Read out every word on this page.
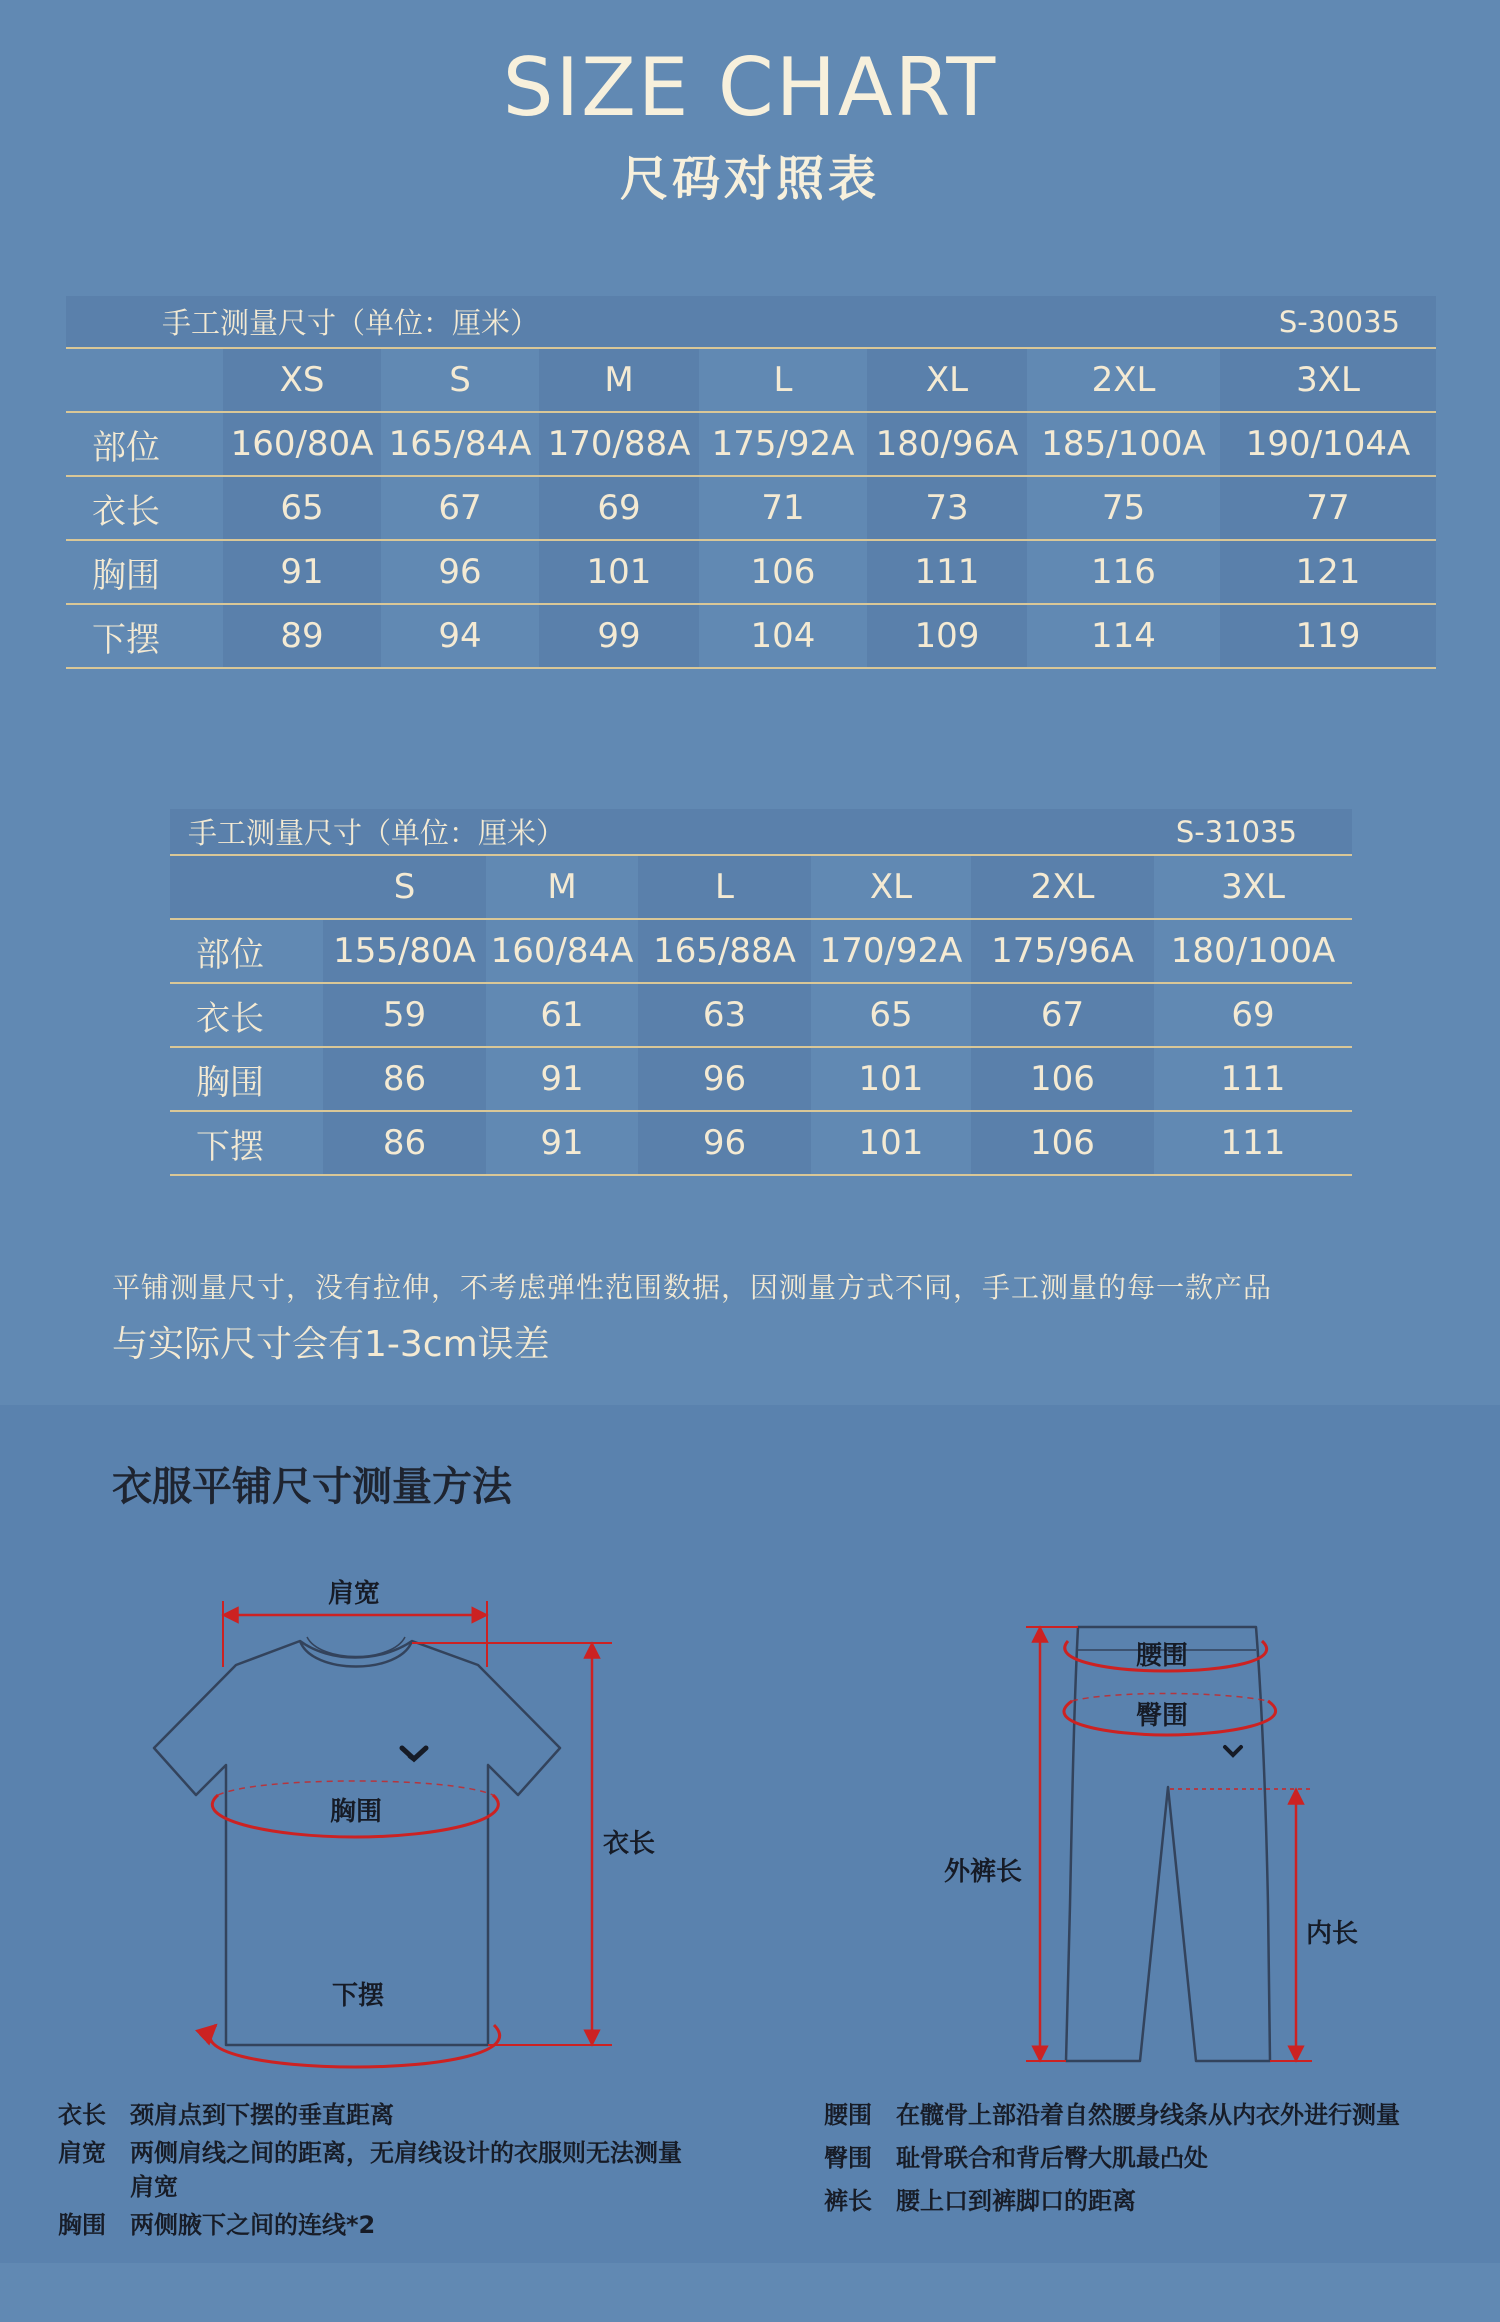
SIZE CHART
尺码对照表
手工测量尺寸（单位：厘米）						S-30035	
	XS	S	M	L	XL	2XL	3XL
部位	160/80A	165/84A	170/88A	175/92A	180/96A	185/100A	190/104A
衣长	65	67	69	71	73	75	77
胸围	91	96	101	106	111	116	121
下摆	89	94	99	104	109	114	119
手工测量尺寸（单位：厘米）					S-31035	
	S	M	L	XL	2XL	3XL
部位	155/80A	160/84A	165/88A	170/92A	175/96A	180/100A
衣长	59	61	63	65	67	69
胸围	86	91	96	101	106	111
下摆	86	91	96	101	106	111
平铺测量尺寸，没有拉伸，不考虑弹性范围数据，因测量方式不同，手工测量的每一款产品
与实际尺寸会有1-3cm误差
衣服平铺尺寸测量方法
肩宽
胸围
衣长
下摆
腰围
臀围
外裤长
内长
衣长	颈肩点到下摆的垂直距离
肩宽	两侧肩线之间的距离，无肩线设计的衣服则无法测量肩宽
胸围	两侧腋下之间的连线*2
腰围	在髋骨上部沿着自然腰身线条从内衣外进行测量
臀围	耻骨联合和背后臀大肌最凸处
裤长	腰上口到裤脚口的距离
